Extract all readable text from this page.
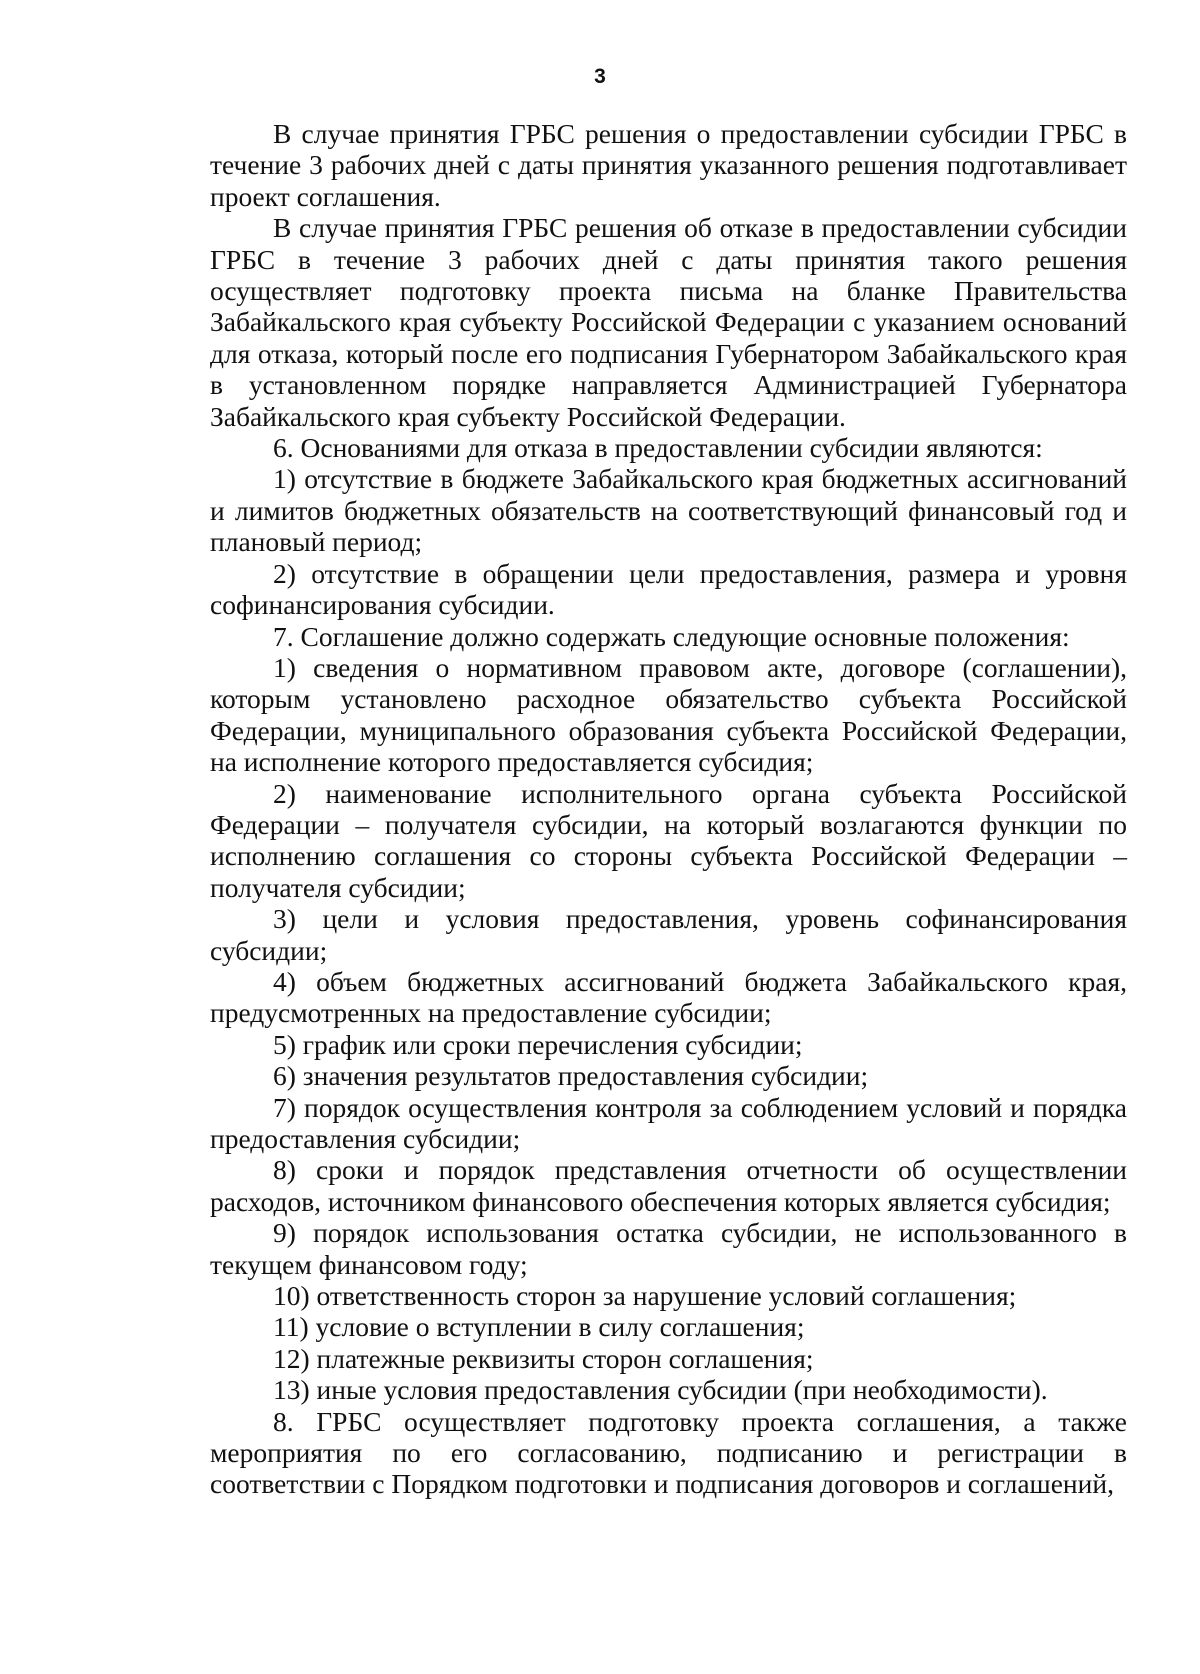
3

В случае принятия ГРБС решения о предоставлении субсидии ГРБС в течение 3 рабочих дней с даты принятия указанного решения подготавливает проект соглашения.

В случае принятия ГРБС решения об отказе в предоставлении субсидии ГРБС в течение 3 рабочих дней с даты принятия такого решения осуществляет подготовку проекта письма на бланке Правительства Забайкальского края субъекту Российской Федерации с указанием оснований для отказа, который после его подписания Губернатором Забайкальского края в установленном порядке направляется Администрацией Губернатора Забайкальского края субъекту Российской Федерации.

6. Основаниями для отказа в предоставлении субсидии являются:

1) отсутствие в бюджете Забайкальского края бюджетных ассигнований и лимитов бюджетных обязательств на соответствующий финансовый год и плановый период;

2) отсутствие в обращении цели предоставления, размера и уровня софинансирования субсидии.

7. Соглашение должно содержать следующие основные положения:

1) сведения о нормативном правовом акте, договоре (соглашении), которым установлено расходное обязательство субъекта Российской Федерации, муниципального образования субъекта Российской Федерации, на исполнение которого предоставляется субсидия;

2) наименование исполнительного органа субъекта Российской Федерации – получателя субсидии, на который возлагаются функции по исполнению соглашения со стороны субъекта Российской Федерации – получателя субсидии;

3) цели и условия предоставления, уровень софинансирования субсидии;

4) объем бюджетных ассигнований бюджета Забайкальского края, предусмотренных на предоставление субсидии;

5) график или сроки перечисления субсидии;

6) значения результатов предоставления субсидии;

7) порядок осуществления контроля за соблюдением условий и порядка предоставления субсидии;

8) сроки и порядок представления отчетности об осуществлении расходов, источником финансового обеспечения которых является субсидия;

9) порядок использования остатка субсидии, не использованного в текущем финансовом году;

10) ответственность сторон за нарушение условий соглашения;

11) условие о вступлении в силу соглашения;

12) платежные реквизиты сторон соглашения;

13) иные условия предоставления субсидии (при необходимости).

8. ГРБС осуществляет подготовку проекта соглашения, а также мероприятия по его согласованию, подписанию и регистрации в соответствии с Порядком подготовки и подписания договоров и соглашений,
